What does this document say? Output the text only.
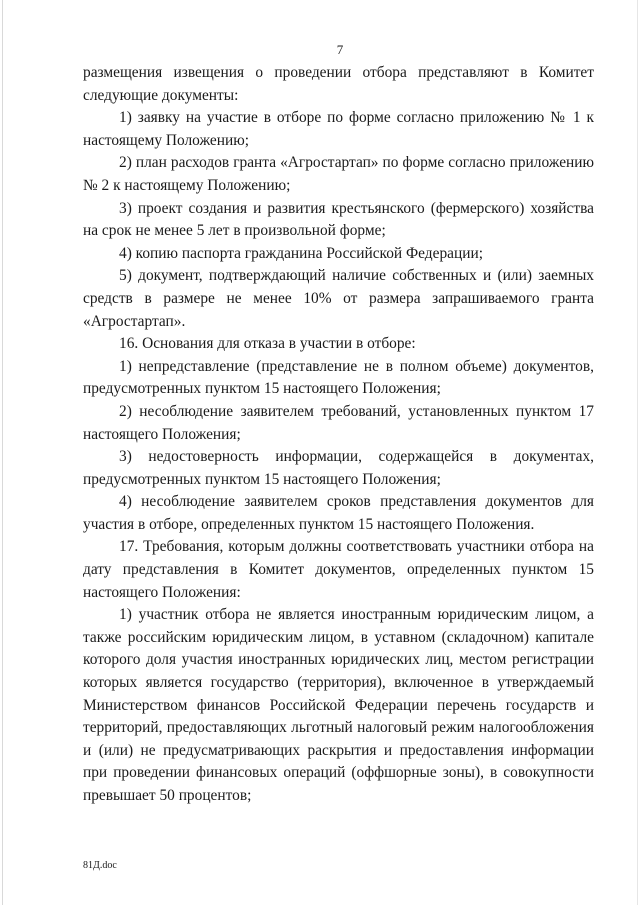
7

размещения извещения о проведении отбора представляют в Комитет следующие документы:

1) заявку на участие в отборе по форме согласно приложению № 1 к настоящему Положению;

2) план расходов гранта «Агростартап» по форме согласно приложению № 2 к настоящему Положению;

3) проект создания и развития крестьянского (фермерского) хозяйства на срок не менее 5 лет в произвольной форме;

4) копию паспорта гражданина Российской Федерации;

5) документ, подтверждающий наличие собственных и (или) заемных средств в размере не менее 10% от размера запрашиваемого гранта «Агростартап».

16. Основания для отказа в участии в отборе:

1) непредставление (представление не в полном объеме) документов, предусмотренных пунктом 15 настоящего Положения;

2) несоблюдение заявителем требований, установленных пунктом 17 настоящего Положения;

3) недостоверность информации, содержащейся в документах, предусмотренных пунктом 15 настоящего Положения;

4) несоблюдение заявителем сроков представления документов для участия в отборе, определенных пунктом 15 настоящего Положения.

17. Требования, которым должны соответствовать участники отбора на дату представления в Комитет документов, определенных пунктом 15 настоящего Положения:

1) участник отбора не является иностранным юридическим лицом, а также российским юридическим лицом, в уставном (складочном) капитале которого доля участия иностранных юридических лиц, местом регистрации которых является государство (территория), включенное в утверждаемый Министерством финансов Российской Федерации перечень государств и территорий, предоставляющих льготный налоговый режим налогообложения и (или) не предусматривающих раскрытия и предоставления информации при проведении финансовых операций (оффшорные зоны), в совокупности превышает 50 процентов;

81Д.doc
